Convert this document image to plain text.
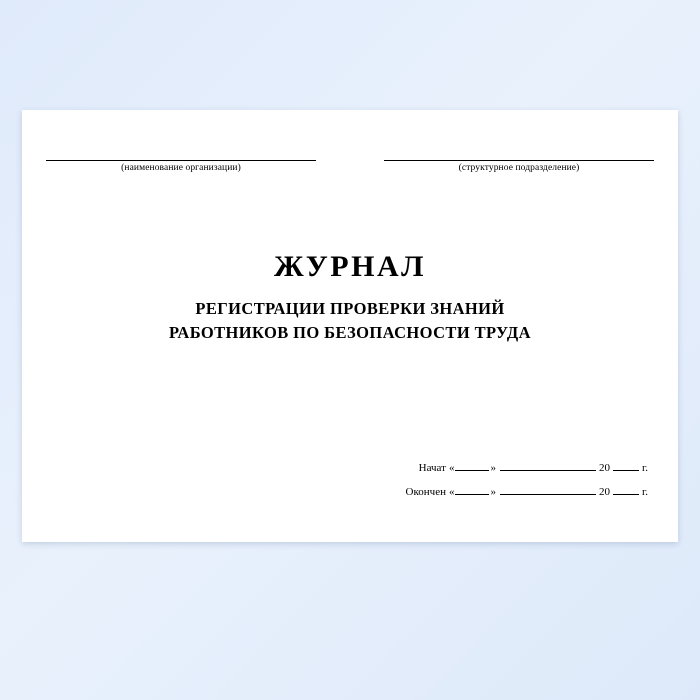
(наименование организации)	(структурное подразделение)
ЖУРНАЛ
РЕГИСТРАЦИИ ПРОВЕРКИ ЗНАНИЙ
РАБОТНИКОВ ПО БЕЗОПАСНОСТИ ТРУДА
Начат «	»	20	г.
Окончен «	»	20	г.
